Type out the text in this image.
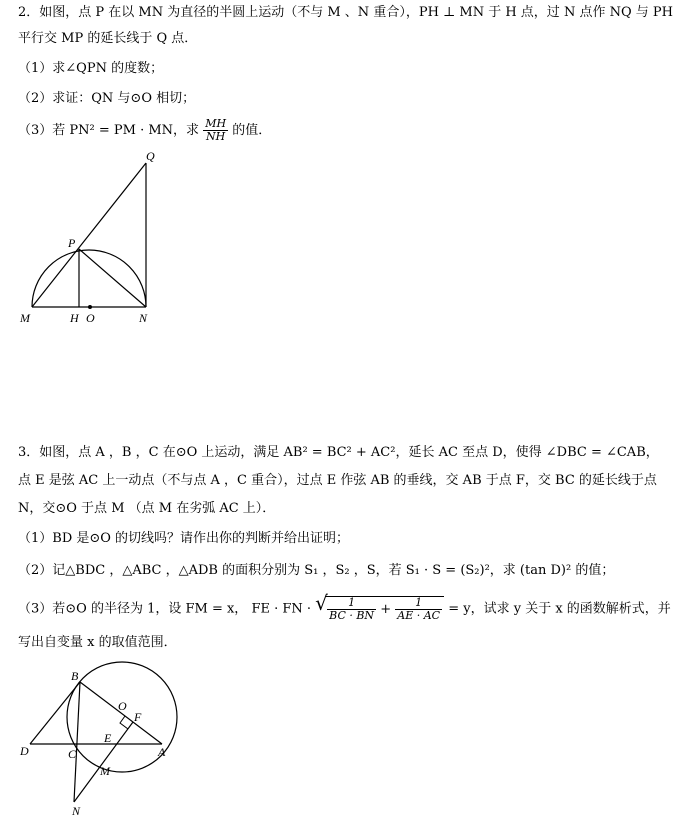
2．如图，点 P 在以 MN 为直径的半圆上运动（不与 M 、N 重合），PH ⊥ MN 于 H 点，过 N 点作 NQ 与 PH
平行交 MP 的延长线于 Q 点．
（1）求∠QPN 的度数；
（2）求证：QN 与⊙O 相切；
（3）若 PN² = PM · MN，求 $\frac{MH}{NH}$ 的值．
Q
P
M	H O	N
3．如图，点 A ，B ，C 在⊙O 上运动，满足 AB² = BC² + AC²，延长 AC 至点 D，使得 ∠DBC = ∠CAB，
点 E 是弦 AC 上一动点（不与点 A ，C 重合），过点 E 作弦 AB 的垂线，交 AB 于点 F，交 BC 的延长线于点
N，交⊙O 于点 M （点 M 在劣弧 AC 上）．
（1）BD 是⊙O 的切线吗？请作出你的判断并给出证明；
（2）记△BDC ，△ABC ，△ADB 的面积分别为 S₁ ，S₂ ，S，若 S₁ · S = (S₂)²，求 (tan D)² 的值；
（3）若⊙O 的半径为 1，设 FM = x， FE · FN · √ $\frac{1}{BC \cdot BN} + \frac{1}{AE \cdot AC} = y$，试求 y 关于 x 的函数解析式，并
写出自变量 x 的取值范围．
B
O
F
E
D	C	A
M
N
